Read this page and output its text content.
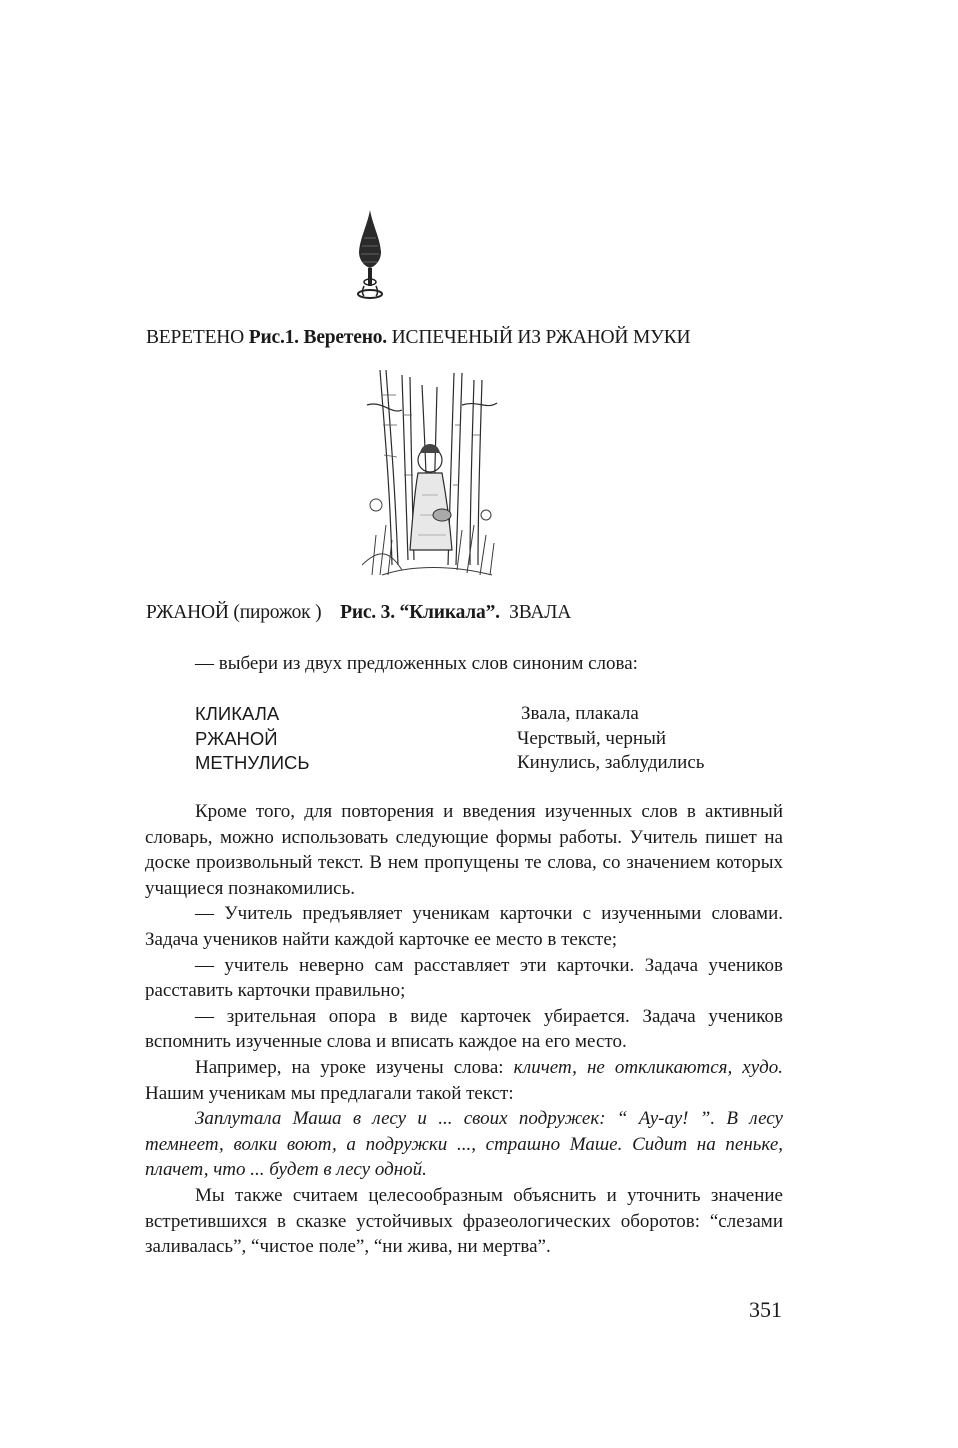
ВЕРЕТЕНО Рис.1. Веретено. ИСПЕЧЕНЫЙ ИЗ РЖАНОЙ МУКИ
РЖАНОЙ (пирожок ) Рис. 3. “Кликала”. ЗВАЛА
— выбери из двух предложенных слов синоним слова:
КЛИКАЛА
РЖАНОЙ
МЕТНУЛИСЬ
Звала, плакала
Черствый, черный
Кинулись, заблудились

Кроме того, для повторения и введения изученных слов в активный словарь, можно использовать следующие формы работы. Учитель пишет на доске произвольный текст. В нем пропущены те слова, со значением которых учащиеся познакомились.

— Учитель предъявляет ученикам карточки с изученными словами. Задача учеников найти каждой карточке ее место в тексте;

— учитель неверно сам расставляет эти карточки. Задача учеников расставить карточки правильно;

— зрительная опора в виде карточек убирается. Задача учеников вспомнить изученные слова и вписать каждое на его место.

Например, на уроке изучены слова: кличет, не откликаются, худо. Нашим ученикам мы предлагали такой текст:

Заплутала Маша в лесу и ... своих подружек: “ Ау-ау! ”. В лесу темнеет, волки воют, а подружки ..., страшно Маше. Сидит на пеньке, плачет, что ... будет в лесу одной.

Мы также считаем целесообразным объяснить и уточнить значение встретившихся в сказке устойчивых фразеологических оборотов: “слезами заливалась”, “чистое поле”, “ни жива, ни мертва”.

351
